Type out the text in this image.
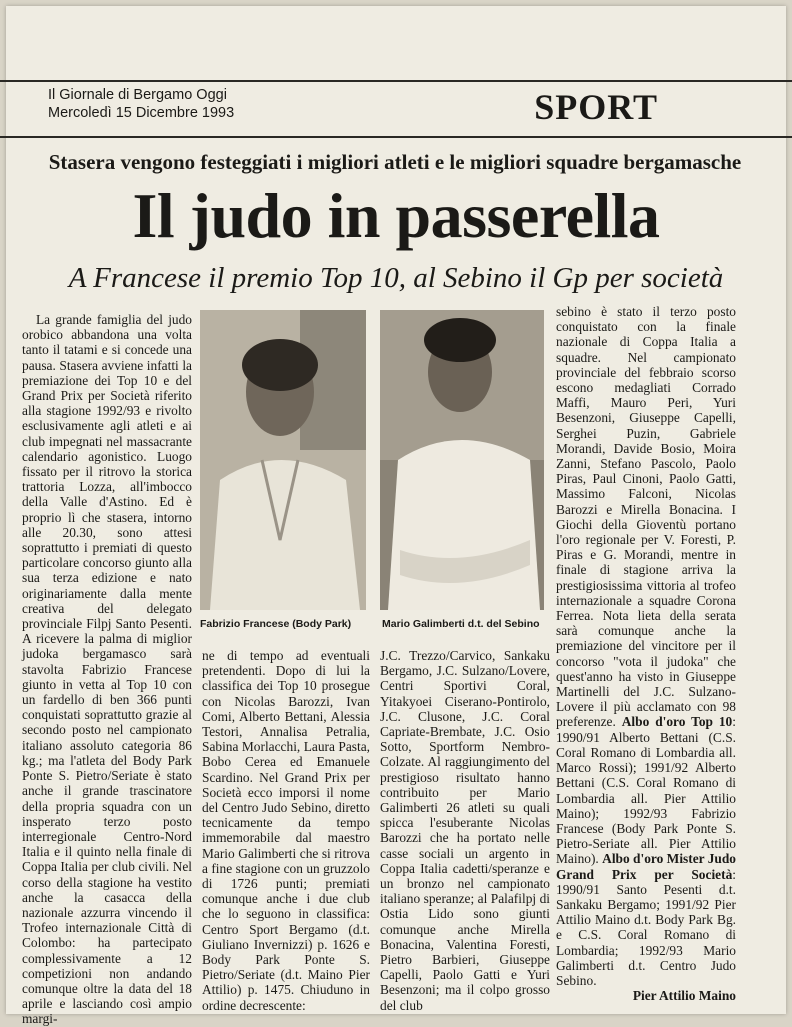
Il Giornale di Bergamo Oggi
Mercoledì 15 Dicembre 1993	SPORT
Stasera vengono festeggiati i migliori atleti e le migliori squadre bergamasche
Il judo in passerella
A Francese il premio Top 10, al Sebino il Gp per società

La grande famiglia del judo orobico abbandona una volta tanto il tatami e si concede una pausa. Stasera avviene infatti la premiazione dei Top 10 e del Grand Prix per Società riferito alla stagione 1992/93 e rivolto esclusivamente agli atleti e ai club impegnati nel massacrante calendario agonistico. Luogo fissato per il ritrovo la storica trattoria Lozza, all'imbocco della Valle d'Astino. Ed è proprio lì che stasera, intorno alle 20.30, sono attesi soprattutto i premiati di questo particolare concorso giunto alla sua terza edizione e nato originariamente dalla mente creativa del delegato provinciale Filpj Santo Pesenti. A ricevere la palma di miglior judoka bergamasco sarà stavolta Fabrizio Francese giunto in vetta al Top 10 con un fardello di ben 366 punti conquistati soprattutto grazie al secondo posto nel campionato italiano assoluto categoria 86 kg.; ma l'atleta del Body Park Ponte S. Pietro/Seriate è stato anche il grande trascinatore della propria squadra con un insperato terzo posto interregionale Centro-Nord Italia e il quinto nella finale di Coppa Italia per club civili. Nel corso della stagione ha vestito anche la casacca della nazionale azzurra vincendo il Trofeo internazionale Città di Colombo: ha partecipato complessivamente a 12 competizioni non andando comunque oltre la data del 18 aprile e lasciando così ampio margi-

Fabrizio Francese (Body Park)	Mario Galimberti d.t. del Sebino

ne di tempo ad eventuali pretendenti. Dopo di lui la classifica dei Top 10 prosegue con Nicolas Barozzi, Ivan Comi, Alberto Bettani, Alessia Testori, Annalisa Petralia, Sabina Morlacchi, Laura Pasta, Bobo Cerea ed Emanuele Scardino. Nel Grand Prix per Società ecco imporsi il nome del Centro Judo Sebino, diretto tecnicamente da tempo immemorabile dal maestro Mario Galimberti che si ritrova a fine stagione con un gruzzolo di 1726 punti; premiati comunque anche i due club che lo seguono in classifica: Centro Sport Bergamo (d.t. Giuliano Invernizzi) p. 1626 e Body Park Ponte S. Pietro/Seriate (d.t. Maino Pier Attilio) p. 1475. Chiuduno in ordine decrescente:

J.C. Trezzo/Carvico, Sankaku Bergamo, J.C. Sulzano/Lovere, Centri Sportivi Coral, Yitakyoei Ciserano-Pontirolo, J.C. Clusone, J.C. Coral Capriate-Brembate, J.C. Osio Sotto, Sportform Nembro-Colzate. Al raggiungimento del prestigioso risultato hanno contribuito per Mario Galimberti 26 atleti su quali spicca l'esuberante Nicolas Barozzi che ha portato nelle casse sociali un argento in Coppa Italia cadetti/speranze e un bronzo nel campionato italiano speranze; al Palafilpj di Ostia Lido sono giunti comunque anche Mirella Bonacina, Valentina Foresti, Pietro Barbieri, Giuseppe Capelli, Paolo Gatti e Yuri Besenzoni; ma il colpo grosso del club

sebino è stato il terzo posto conquistato con la finale nazionale di Coppa Italia a squadre. Nel campionato provinciale del febbraio scorso escono medagliati Corrado Maffi, Mauro Peri, Yuri Besenzoni, Giuseppe Capelli, Serghei Puzin, Gabriele Morandi, Davide Bosio, Moira Zanni, Stefano Pascolo, Paolo Piras, Paul Cinoni, Paolo Gatti, Massimo Falconi, Nicolas Barozzi e Mirella Bonacina. I Giochi della Gioventù portano l'oro regionale per V. Foresti, P. Piras e G. Morandi, mentre in finale di stagione arriva la prestigiosissima vittoria al trofeo internazionale a squadre Corona Ferrea. Nota lieta della serata sarà comunque anche la premiazione del vincitore per il concorso "vota il judoka" che quest'anno ha visto in Giuseppe Martinelli del J.C. Sulzano-Lovere il più acclamato con 98 preferenze. Albo d'oro Top 10: 1990/91 Alberto Bettani (C.S. Coral Romano di Lombardia all. Marco Rossi); 1991/92 Alberto Bettani (C.S. Coral Romano di Lombardia all. Pier Attilio Maino); 1992/93 Fabrizio Francese (Body Park Ponte S. Pietro-Seriate all. Pier Attilio Maino). Albo d'oro Mister Judo Grand Prix per Società: 1990/91 Santo Pesenti d.t. Sankaku Bergamo; 1991/92 Pier Attilio Maino d.t. Body Park Bg. e C.S. Coral Romano di Lombardia; 1992/93 Mario Galimberti d.t. Centro Judo Sebino.

Pier Attilio Maino
